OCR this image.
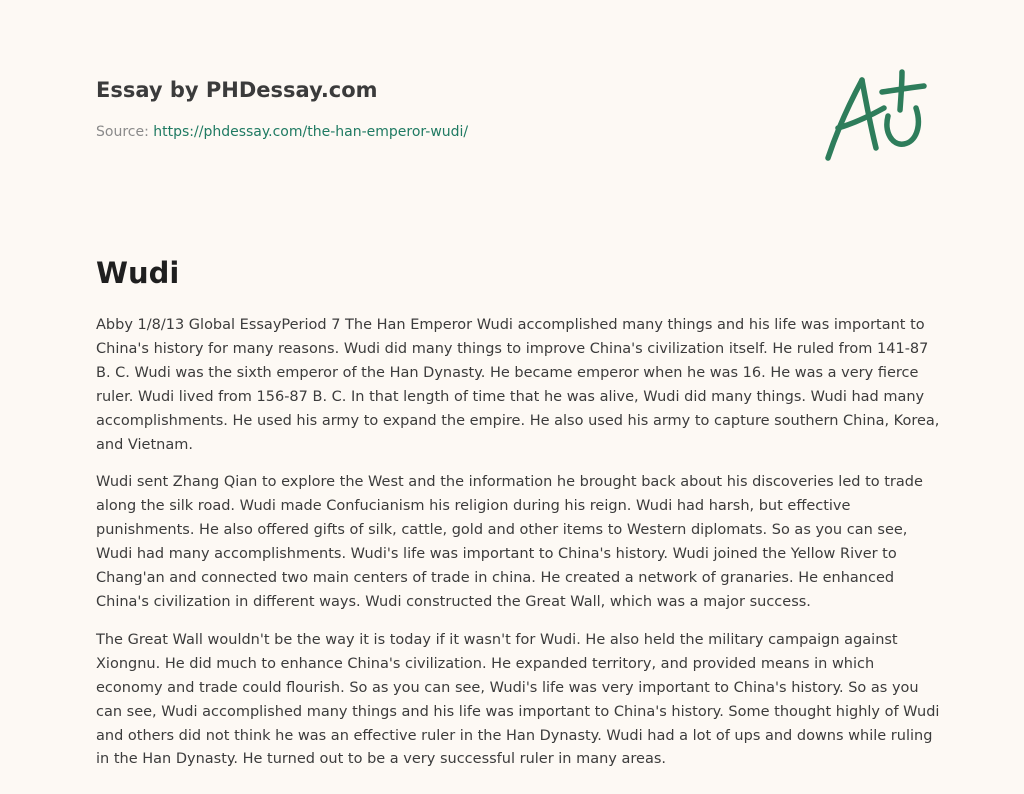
Essay by PHDessay.com
Source: https://phdessay.com/the-han-emperor-wudi/
Wudi

Abby 1/8/13 Global EssayPeriod 7 The Han Emperor Wudi accomplished many things and his life was important to China's history for many reasons. Wudi did many things to improve China's civilization itself. He ruled from 141-87 B. C. Wudi was the sixth emperor of the Han Dynasty. He became emperor when he was 16. He was a very fierce ruler. Wudi lived from 156-87 B. C. In that length of time that he was alive, Wudi did many things. Wudi had many accomplishments. He used his army to expand the empire. He also used his army to capture southern China, Korea, and Vietnam.

Wudi sent Zhang Qian to explore the West and the information he brought back about his discoveries led to trade along the silk road. Wudi made Confucianism his religion during his reign. Wudi had harsh, but effective punishments. He also offered gifts of silk, cattle, gold and other items to Western diplomats. So as you can see, Wudi had many accomplishments. Wudi's life was important to China's history. Wudi joined the Yellow River to Chang'an and connected two main centers of trade in china. He created a network of granaries. He enhanced China's civilization in different ways. Wudi constructed the Great Wall, which was a major success.

The Great Wall wouldn't be the way it is today if it wasn't for Wudi. He also held the military campaign against Xiongnu. He did much to enhance China's civilization. He expanded territory, and provided means in which economy and trade could flourish. So as you can see, Wudi's life was very important to China's history. So as you can see, Wudi accomplished many things and his life was important to China's history. Some thought highly of Wudi and others did not think he was an effective ruler in the Han Dynasty. Wudi had a lot of ups and downs while ruling in the Han Dynasty. He turned out to be a very successful ruler in many areas.
